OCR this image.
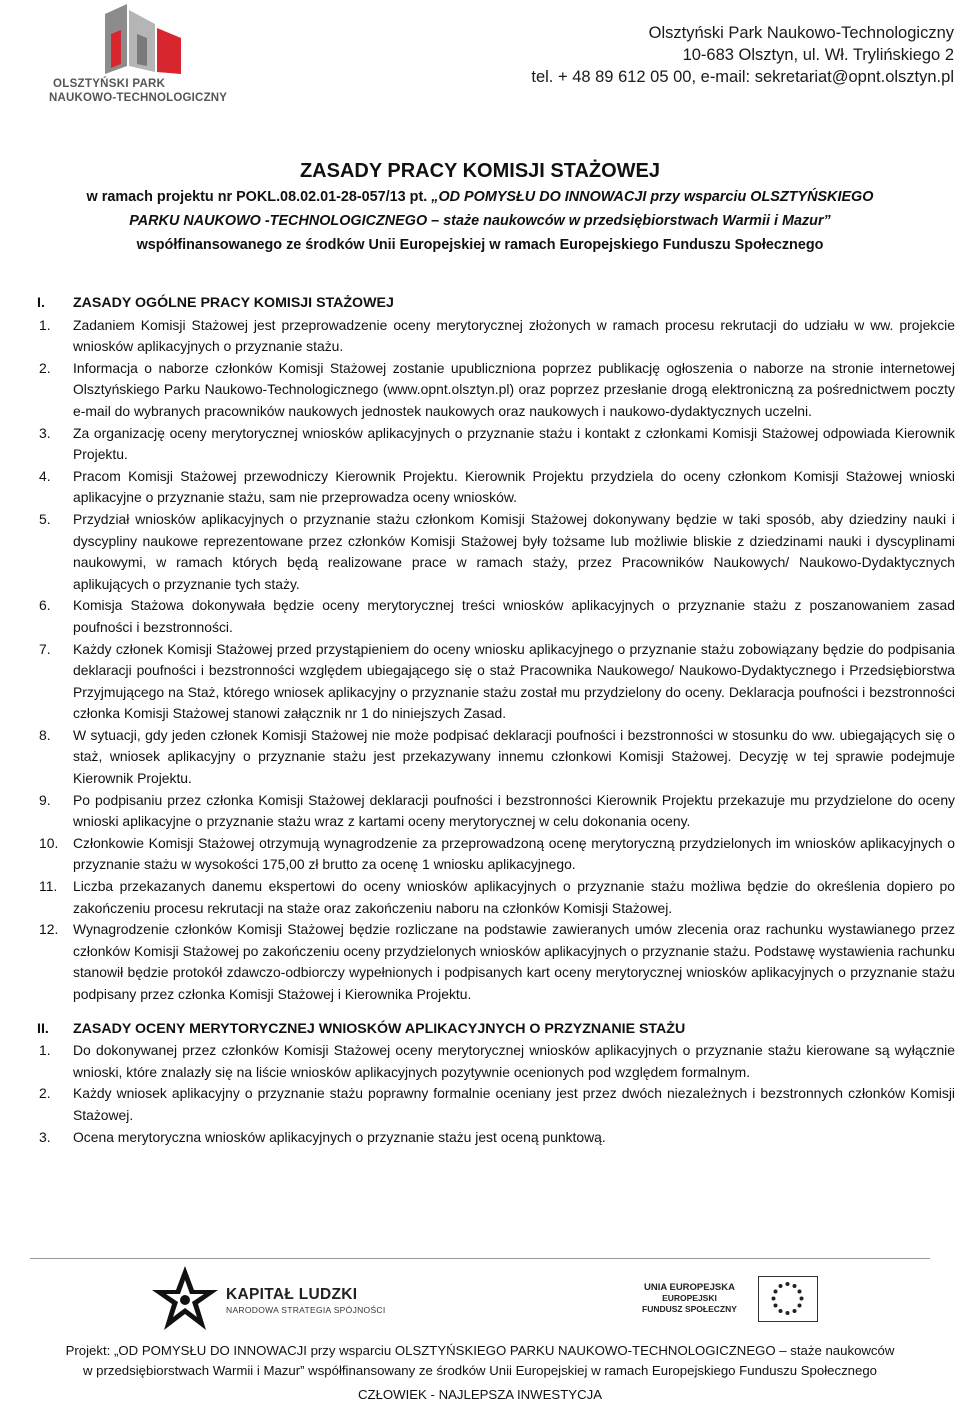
OLSZTYŃSKI PARK
NAUKOWO-TECHNOLOGICZNY
Olsztyński Park Naukowo-Technologiczny
10-683 Olsztyn, ul. Wł. Trylińskiego 2
tel. + 48 89 612 05 00, e-mail: sekretariat@opnt.olsztyn.pl
ZASADY PRACY KOMISJI STAŻOWEJ
w ramach projektu nr POKL.08.02.01-28-057/13 pt. „OD POMYSŁU DO INNOWACJI przy wsparciu OLSZTYŃSKIEGO
PARKU NAUKOWO -TECHNOLOGICZNEGO – staże naukowców w przedsiębiorstwach Warmii i Mazur”
współfinansowanego ze środków Unii Europejskiej w ramach Europejskiego Funduszu Społecznego
I.	ZASADY OGÓLNE PRACY KOMISJI STAŻOWEJ
1.	Zadaniem Komisji Stażowej jest przeprowadzenie oceny merytorycznej złożonych w ramach procesu rekrutacji do udziału w ww. projekcie wniosków aplikacyjnych o przyznanie stażu.
2.	Informacja o naborze członków Komisji Stażowej zostanie upubliczniona poprzez publikację ogłoszenia o naborze na stronie internetowej Olsztyńskiego Parku Naukowo-Technologicznego (www.opnt.olsztyn.pl) oraz poprzez przesłanie drogą elektroniczną za pośrednictwem poczty e-mail do wybranych pracowników naukowych jednostek naukowych oraz naukowych i naukowo-dydaktycznych uczelni.
3.	Za organizację oceny merytorycznej wniosków aplikacyjnych o przyznanie stażu i kontakt z członkami Komisji Stażowej odpowiada Kierownik Projektu.
4.	Pracom Komisji Stażowej przewodniczy Kierownik Projektu. Kierownik Projektu przydziela do oceny członkom Komisji Stażowej wnioski aplikacyjne o przyznanie stażu, sam nie przeprowadza oceny wniosków.
5.	Przydział wniosków aplikacyjnych o przyznanie stażu członkom Komisji Stażowej dokonywany będzie w taki sposób, aby dziedziny nauki i dyscypliny naukowe reprezentowane przez członków Komisji Stażowej były tożsame lub możliwie bliskie z dziedzinami nauki i dyscyplinami naukowymi, w ramach których będą realizowane prace w ramach staży, przez Pracowników Naukowych/ Naukowo-Dydaktycznych aplikujących o przyznanie tych staży.
6.	Komisja Stażowa dokonywała będzie oceny merytorycznej treści wniosków aplikacyjnych o przyznanie stażu z poszanowaniem zasad poufności i bezstronności.
7.	Każdy członek Komisji Stażowej przed przystąpieniem do oceny wniosku aplikacyjnego o przyznanie stażu zobowiązany będzie do podpisania deklaracji poufności i bezstronności względem ubiegającego się o staż Pracownika Naukowego/ Naukowo-Dydaktycznego i Przedsiębiorstwa Przyjmującego na Staż, którego wniosek aplikacyjny o przyznanie stażu został mu przydzielony do oceny. Deklaracja poufności i bezstronności członka Komisji Stażowej stanowi załącznik nr 1 do niniejszych Zasad.
8.	W sytuacji, gdy jeden członek Komisji Stażowej nie może podpisać deklaracji poufności i bezstronności w stosunku do ww. ubiegających się o staż, wniosek aplikacyjny o przyznanie stażu jest przekazywany innemu członkowi Komisji Stażowej. Decyzję w tej sprawie podejmuje Kierownik Projektu.
9.	Po podpisaniu przez członka Komisji Stażowej deklaracji poufności i bezstronności Kierownik Projektu przekazuje mu przydzielone do oceny wnioski aplikacyjne o przyznanie stażu wraz z kartami oceny merytorycznej w celu dokonania oceny.
10.	Członkowie Komisji Stażowej otrzymują wynagrodzenie za przeprowadzoną ocenę merytoryczną przydzielonych im wniosków aplikacyjnych o przyznanie stażu w wysokości 175,00 zł brutto za ocenę 1 wniosku aplikacyjnego.
11.	Liczba przekazanych danemu ekspertowi do oceny wniosków aplikacyjnych o przyznanie stażu możliwa będzie do określenia dopiero po zakończeniu procesu rekrutacji na staże oraz zakończeniu naboru na członków Komisji Stażowej.
12.	Wynagrodzenie członków Komisji Stażowej będzie rozliczane na podstawie zawieranych umów zlecenia oraz rachunku wystawianego przez członków Komisji Stażowej po zakończeniu oceny przydzielonych wniosków aplikacyjnych o przyznanie stażu. Podstawę wystawienia rachunku stanowił będzie protokół zdawczo-odbiorczy wypełnionych i podpisanych kart oceny merytorycznej wniosków aplikacyjnych o przyznanie stażu podpisany przez członka Komisji Stażowej i Kierownika Projektu.
II.	ZASADY OCENY MERYTORYCZNEJ WNIOSKÓW APLIKACYJNYCH O PRZYZNANIE STAŻU
1.	Do dokonywanej przez członków Komisji Stażowej oceny merytorycznej wniosków aplikacyjnych o przyznanie stażu kierowane są wyłącznie wnioski, które znalazły się na liście wniosków aplikacyjnych pozytywnie ocenionych pod względem formalnym.
2.	Każdy wniosek aplikacyjny o przyznanie stażu poprawny formalnie oceniany jest przez dwóch niezależnych i bezstronnych członków Komisji Stażowej.
3.	Ocena merytoryczna wniosków aplikacyjnych o przyznanie stażu jest oceną punktową.
KAPITAŁ LUDZKI
NARODOWA STRATEGIA SPÓJNOŚCI
UNIA EUROPEJSKA
EUROPEJSKI
FUNDUSZ SPOŁECZNY
Projekt: „OD POMYSŁU DO INNOWACJI przy wsparciu OLSZTYŃSKIEGO PARKU NAUKOWO-TECHNOLOGICZNEGO – staże naukowców
w przedsiębiorstwach Warmii i Mazur” współfinansowany ze środków Unii Europejskiej w ramach Europejskiego Funduszu Społecznego
CZŁOWIEK - NAJLEPSZA INWESTYCJA
